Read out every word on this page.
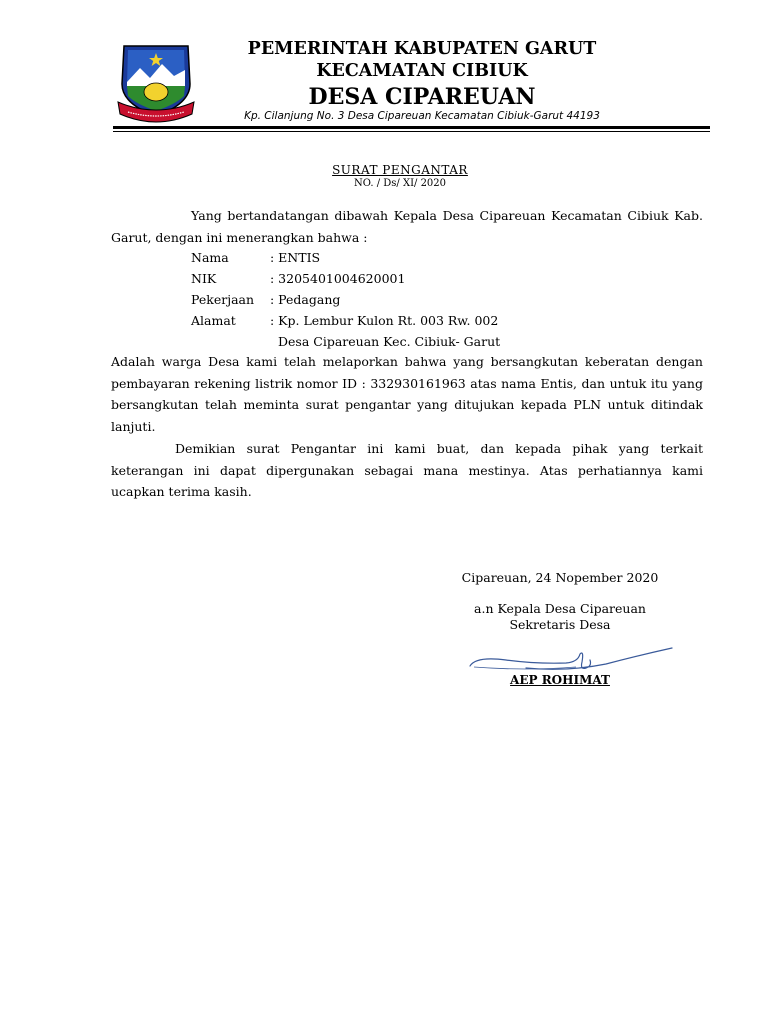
PEMERINTAH KABUPATEN GARUT
KECAMATAN CIBIUK
DESA CIPAREUAN
Kp. Cilanjung No. 3 Desa Cipareuan Kecamatan Cibiuk-Garut 44193
SURAT PENGANTAR
NO. / Ds/ XI/ 2020
Yang bertandatangan dibawah Kepala Desa Cipareuan Kecamatan Cibiuk Kab. Garut, dengan ini menerangkan bahwa :
Nama	: ENTIS
NIK	: 3205401004620001
Pekerjaan : Pedagang
Alamat	: Kp. Lembur Kulon Rt. 003 Rw. 002
Desa Cipareuan Kec. Cibiuk- Garut
Adalah warga Desa kami telah melaporkan bahwa yang bersangkutan keberatan dengan pembayaran rekening listrik nomor ID : 332930161963 atas nama Entis, dan untuk itu yang bersangkutan telah meminta surat pengantar yang ditujukan kepada PLN untuk ditindak lanjuti.
Demikian surat Pengantar ini kami buat, dan kepada pihak yang terkait keterangan ini dapat dipergunakan sebagai mana mestinya. Atas perhatiannya kami ucapkan terima kasih.
Cipareuan, 24 Nopember 2020
a.n Kepala Desa Cipareuan
Sekretaris Desa
AEP ROHIMAT
